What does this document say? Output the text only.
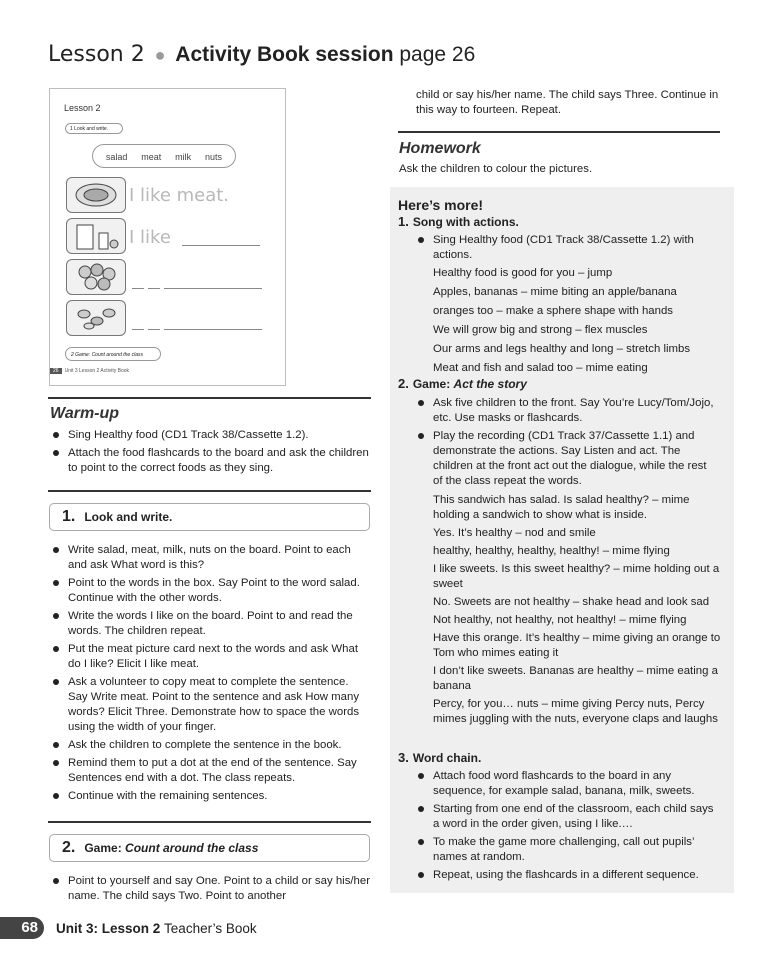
Lesson 2 ● Activity Book session page 26
Lesson 2
1 Look and write.
salad meat milk nuts
I like meat.
I like
2 Game: Count around the class
26 Unit 3 Lesson 2 Activity Book
Warm-up
Sing Healthy food (CD1 Track 38/Cassette 1.2).
Attach the food flashcards to the board and ask the children to point to the correct foods as they sing.
1. Look and write.
Write salad, meat, milk, nuts on the board. Point to each and ask What word is this?
Point to the words in the box. Say Point to the word salad. Continue with the other words.
Write the words I like on the board. Point to and read the words. The children repeat.
Put the meat picture card next to the words and ask What do I like? Elicit I like meat.
Ask a volunteer to copy meat to complete the sentence. Say Write meat. Point to the sentence and ask How many words? Elicit Three. Demonstrate how to space the words using the width of your finger.
Ask the children to complete the sentence in the book.
Remind them to put a dot at the end of the sentence. Say Sentences end with a dot. The class repeats.
Continue with the remaining sentences.
2. Game:
Count around the class
Point to yourself and say One. Point to a child or say his/her name. The child says Two. Point to another
child or say his/her name. The child says Three. Continue in this way to fourteen. Repeat.
Homework
Ask the children to colour the pictures.
Here’s more!
1. Song with actions.
Sing Healthy food (CD1 Track 38/Cassette 1.2) with actions.
Healthy food is good for you – jump
Apples, bananas – mime biting an apple/banana
oranges too – make a sphere shape with hands
We will grow big and strong – flex muscles
Our arms and legs healthy and long – stretch limbs
Meat and fish and salad too – mime eating
2. Game: Act the story
Ask five children to the front. Say You’re Lucy/Tom/Jojo, etc. Use masks or flashcards.
Play the recording (CD1 Track 37/Cassette 1.1) and demonstrate the actions. Say Listen and act. The children at the front act out the dialogue, while the rest of the class repeat the words.
This sandwich has salad. Is salad healthy? – mime holding a sandwich to show what is inside.
Yes. It’s healthy – nod and smile
healthy, healthy, healthy, healthy! – mime flying
I like sweets. Is this sweet healthy? – mime holding out a sweet
No. Sweets are not healthy – shake head and look sad
Not healthy, not healthy, not healthy! – mime flying
Have this orange. It’s healthy – mime giving an orange to Tom who mimes eating it
I don’t like sweets. Bananas are healthy – mime eating a banana
Percy, for you… nuts – mime giving Percy nuts, Percy mimes juggling with the nuts, everyone claps and laughs
3. Word chain.
Attach food word flashcards to the board in any sequence, for example salad, banana, milk, sweets.
Starting from one end of the classroom, each child says a word in the order given, using I like.…
To make the game more challenging, call out pupils’ names at random.
Repeat, using the flashcards in a different sequence.
68	Unit 3: Lesson 2
Teacher’s Book
